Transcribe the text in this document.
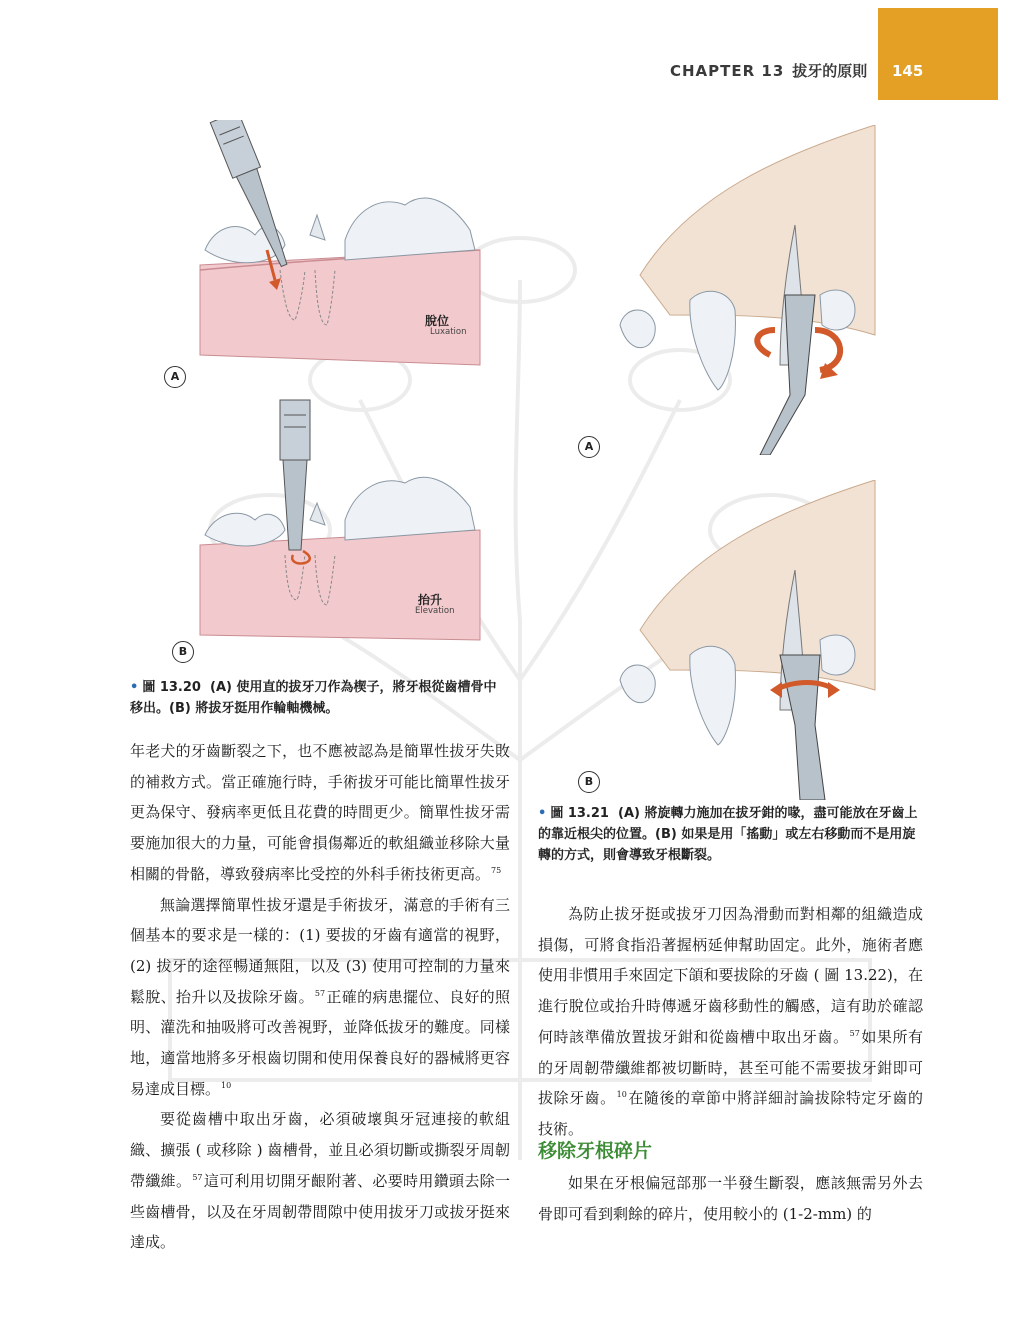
CHAPTER 13 拔牙的原則 145
脫位
Luxation
A
抬升
Elevation
B
• 圖 13.20 (A) 使用直的拔牙刀作為楔子，將牙根從齒槽骨中移出。(B) 將拔牙挺用作輪軸機械。
A
B
• 圖 13.21 (A) 將旋轉力施加在拔牙鉗的喙，盡可能放在牙齒上的靠近根尖的位置。(B) 如果是用「搖動」或左右移動而不是用旋轉的方式，則會導致牙根斷裂。

年老犬的牙齒斷裂之下，也不應被認為是簡單性拔牙失敗的補救方式。當正確施行時，手術拔牙可能比簡單性拔牙更為保守、發病率更低且花費的時間更少。簡單性拔牙需要施加很大的力量，可能會損傷鄰近的軟組織並移除大量相關的骨骼，導致發病率比受控的外科手術技術更高。$^{75}$

無論選擇簡單性拔牙還是手術拔牙，滿意的手術有三個基本的要求是一樣的：(1) 要拔的牙齒有適當的視野，(2) 拔牙的途徑暢通無阻，以及 (3) 使用可控制的力量來鬆脫、抬升以及拔除牙齒。$^{57}$正確的病患擺位、良好的照明、灌洗和抽吸將可改善視野，並降低拔牙的難度。同樣地，適當地將多牙根齒切開和使用保養良好的器械將更容易達成目標。$^{10}$

要從齒槽中取出牙齒，必須破壞與牙冠連接的軟組織、擴張 ( 或移除 ) 齒槽骨，並且必須切斷或撕裂牙周韌帶纖維。$^{57}$這可利用切開牙齦附著、必要時用鑽頭去除一些齒槽骨，以及在牙周韌帶間隙中使用拔牙刀或拔牙挺來達成。

為防止拔牙挺或拔牙刀因為滑動而對相鄰的組織造成損傷，可將食指沿著握柄延伸幫助固定。此外，施術者應使用非慣用手來固定下頜和要拔除的牙齒 ( 圖 13.22)，在進行脫位或抬升時傳遞牙齒移動性的觸感，這有助於確認何時該準備放置拔牙鉗和從齒槽中取出牙齒。$^{57}$如果所有的牙周韌帶纖維都被切斷時，甚至可能不需要拔牙鉗即可拔除牙齒。$^{10}$在隨後的章節中將詳細討論拔除特定牙齒的技術。

移除牙根碎片

如果在牙根偏冠部那一半發生斷裂，應該無需另外去骨即可看到剩餘的碎片，使用較小的 (1-2-mm) 的
